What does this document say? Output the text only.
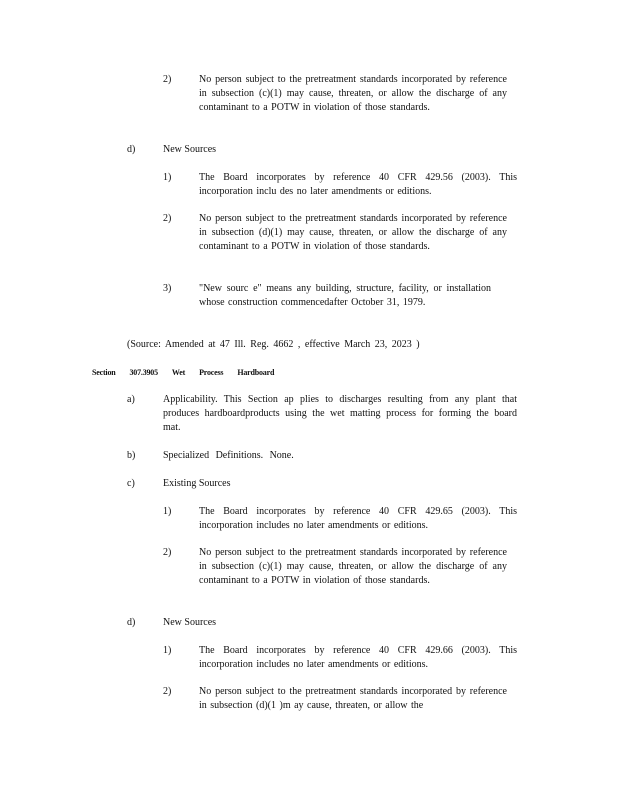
2)	No person subject to the pretreatment standards incorporated by reference in subsection (c)(1) may cause, threaten, or allow the discharge of any contaminant to a POTW in violation of those standards.

d)	New Sources

1)	The Board incorporates by reference 40 CFR 429.56 (2003). This incorporation inclu des no later amendments or editions.

2)	No person subject to the pretreatment standards incorporated by reference in subsection (d)(1) may cause, threaten, or allow the discharge of any contaminant to a POTW in violation of those standards.

3)	"New sourc e" means any building, structure, facility, or installation whose construction commencedafter October 31, 1979.

(Source: Amended at 47 Ill. Reg. 4662 , effective March 23, 2023 )

Section 307.3905 Wet Process Hardboard

a)	Applicability. This Section ap plies to discharges resulting from any plant that produces hardboardproducts using the wet matting process for forming the board mat.

b)	Specialized Definitions. None.

c)	Existing Sources

1)	The Board incorporates by reference 40 CFR 429.65 (2003). This incorporation includes no later amendments or editions.

2)	No person subject to the pretreatment standards incorporated by reference in subsection (c)(1) may cause, threaten, or allow the discharge of any contaminant to a POTW in violation of those standards.

d)	New Sources

1)	The Board incorporates by reference 40 CFR 429.66 (2003). This incorporation includes no later amendments or editions.

2)	No person subject to the pretreatment standards incorporated by reference in subsection (d)(1 )m ay cause, threaten, or allow the
